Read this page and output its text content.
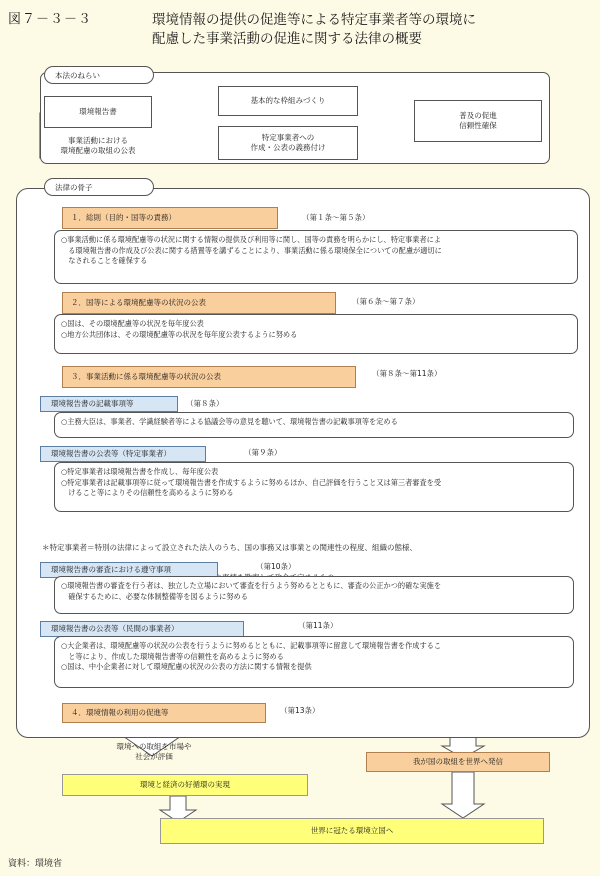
図７－３－３	環境情報の提供の促進等による特定事業者等の環境に
配慮した事業活動の促進に関する法律の概要
本法のねらい
環境報告書
事業活動における
環境配慮の取組の公表
基本的な枠組みづくり
特定事業者への
作成・公表の義務付け
普及の促進
信頼性確保
法律の骨子
１．総則（目的・国等の責務）	（第１条～第５条）
○事業活動に係る環境配慮等の状況に関する情報の提供及び利用等に関し、国等の責務を明らかにし、特定事業者によ
　る環境報告書の作成及び公表に関する措置等を講ずることにより、事業活動に係る環境保全についての配慮が適切に
　なされることを確保する
２．国等による環境配慮等の状況の公表	（第６条～第７条）
○国は、その環境配慮等の状況を毎年度公表
○地方公共団体は、その環境配慮等の状況を毎年度公表するように努める
３．事業活動に係る環境配慮等の状況の公表	（第８条～第11条）
環境報告書の記載事項等	（第８条）
○主務大臣は、事業者、学識経験者等による協議会等の意見を聴いて、環境報告書の記載事項等を定める
環境報告書の公表等（特定事業者）	（第９条）
○特定事業者は環境報告書を作成し、毎年度公表
○特定事業者は記載事項等に従って環境報告書を作成するように努めるほか、自己評価を行うこと又は第三者審査を受
　けること等によりその信頼性を高めるように努める

＊特定事業者＝特別の法律によって設立された法人のうち、国の事務又は事業との関連性の程度、組織の態様、

環境報告書の審査における遵守事項	（第10条）
○環境報告書の審査を行う者は、独立した立場において審査を行うよう努めるとともに、審査の公正かつ的確な実施を
　確保するために、必要な体制整備等を図るように努める
環境報告書の公表等（民間の事業者）	（第11条）
○大企業者は、環境配慮等の状況の公表を行うように努めるとともに、記載事項等に留意して環境報告書を作成するこ
　と等により、作成した環境報告書等の信頼性を高めるように努める
○国は、中小企業者に対して環境配慮の状況の公表の方法に関する情報を提供
４．環境情報の利用の促進等	（第13条）
環境への取組を市場や
社会が評価
環境と経済の好循環の実現
我が国の取組を世界へ発信
世界に冠たる環境立国へ
資料：環境省
